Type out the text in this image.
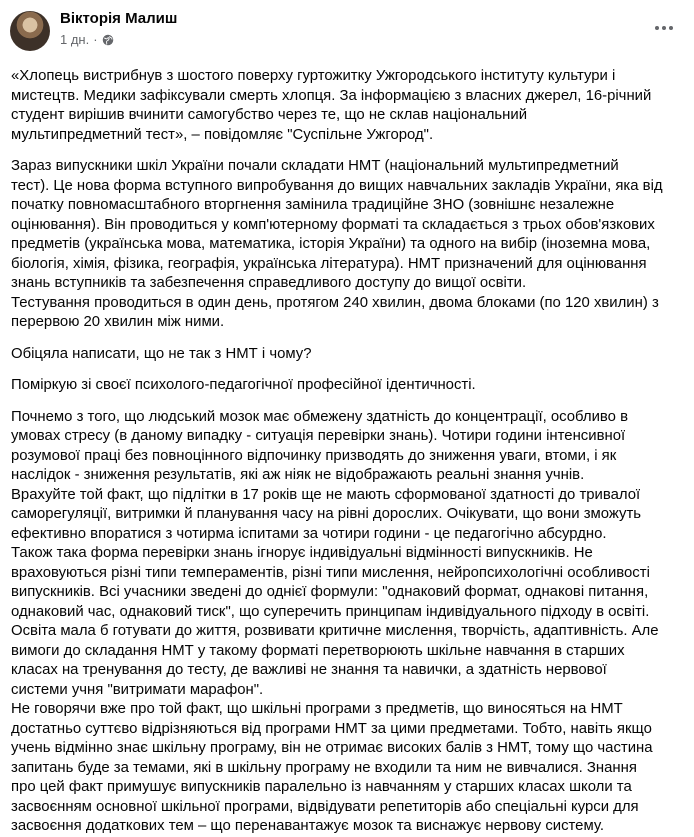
Вікторія Малиш
1 дн. ·

«Хлопець вистрибнув з шостого поверху гуртожитку Ужгородського інституту культури і
мистецтв. Медики зафіксували смерть хлопця. За інформацією з власних джерел, 16-річний
студент вирішив вчинити самогубство через те, що не склав національний
мультипредметний тест», – повідомляє "Суспільне Ужгород".

Зараз випускники шкіл України почали складати НМТ (національний мультипредметний
тест). Це нова форма вступного випробування до вищих навчальних закладів України, яка від
початку повномасштабного вторгнення замінила традиційне ЗНО (зовнішнє незалежне
оцінювання). Він проводиться у комп'ютерному форматі та складається з трьох обов'язкових
предметів (українська мова, математика, історія України) та одного на вибір (іноземна мова,
біологія, хімія, фізика, географія, українська література). НМТ призначений для оцінювання
знань вступників та забезпечення справедливого доступу до вищої освіти.
Тестування проводиться в один день, протягом 240 хвилин, двома блоками (по 120 хвилин) з
перервою 20 хвилин між ними.

Обіцяла написати, що не так з НМТ і чому?

Поміркую зі своєї психолого-педагогічної професійної ідентичності.

Почнемо з того, що людський мозок має обмежену здатність до концентрації, особливо в
умовах стресу (в даному випадку - ситуація перевірки знань). Чотири години інтенсивної
розумової праці без повноцінного відпочинку призводять до зниження уваги, втоми, і як
наслідок - зниження результатів, які аж ніяк не відображають реальні знання учнів.
Врахуйте той факт, що підлітки в 17 років ще не мають сформованої здатності до тривалої
саморегуляції, витримки й планування часу на рівні дорослих. Очікувати, що вони зможуть
ефективно впоратися з чотирма іспитами за чотири години - це педагогічно абсурдно.
Також така форма перевірки знань ігнорує індивідуальні відмінності випускників. Не
враховуються різні типи темпераментів, різні типи мислення, нейропсихологічні особливості
випускників. Всі учасники зведені до однієї формули: "однаковий формат, однакові питання,
однаковий час, однаковий тиск", що суперечить принципам індивідуального підходу в освіті.
Освіта мала б готувати до життя, розвивати критичне мислення, творчість, адаптивність. Але
вимоги до складання НМТ у такому форматі перетворюють шкільне навчання в старших
класах на тренування до тесту, де важливі не знання та навички, а здатність нервової
системи учня "витримати марафон".
Не говорячи вже про той факт, що шкільні програми з предметів, що виносяться на НМТ
достатньо суттєво відрізняються від програми НМТ за цими предметами. Тобто, навіть якщо
учень відмінно знає шкільну програму, він не отримає високих балів з НМТ, тому що частина
запитань буде за темами, які в шкільну програму не входили та ним не вивчалися. Знання
про цей факт примушує випускників паралельно із навчанням у старших класах школи та
засвоєнням основної шкільної програми, відвідувати репетиторів або спеціальні курси для
засвоєння додаткових тем – що перенавантажує мозок та виснажує нервову систему.
